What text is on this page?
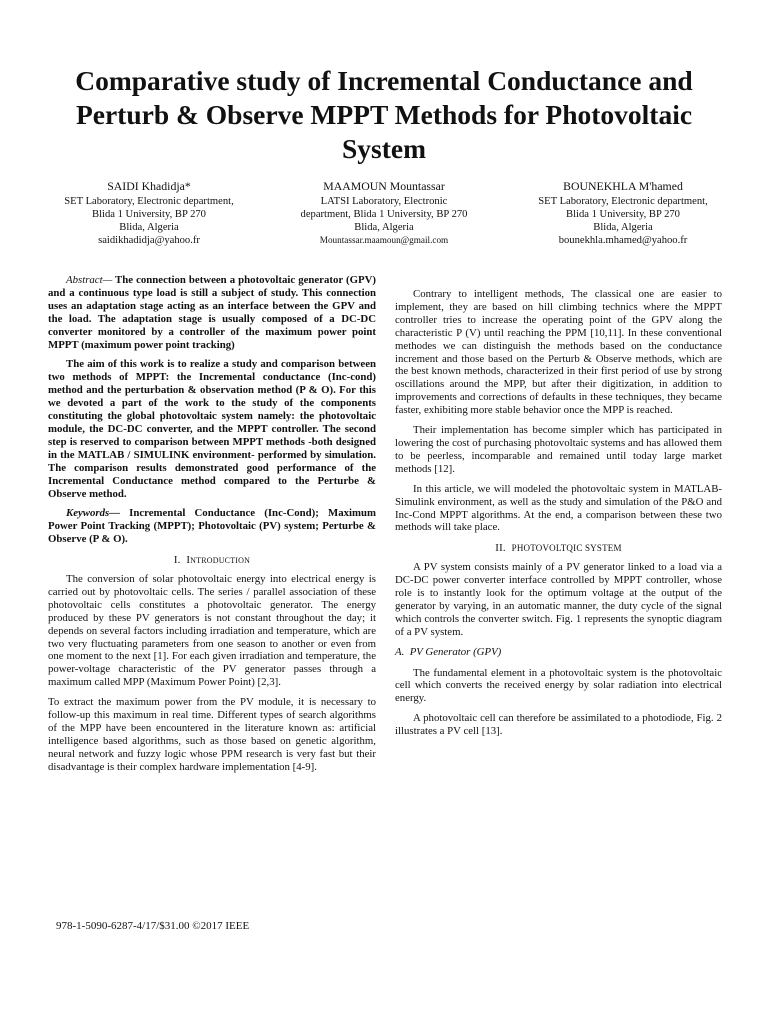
Comparative study of Incremental Conductance and Perturb & Observe MPPT Methods for Photovoltaic System
SAIDI Khadidja*
SET Laboratory, Electronic department,
Blida 1 University, BP 270
Blida, Algeria
saidikhadidja@yahoo.fr
MAAMOUN Mountassar
LATSI Laboratory, Electronic
department, Blida 1 University, BP 270
Blida, Algeria
Mountassar.maamoun@gmail.com
BOUNEKHLA M'hamed
SET Laboratory, Electronic department,
Blida 1 University, BP 270
Blida, Algeria
bounekhla.mhamed@yahoo.fr

Abstract— The connection between a photovoltaic generator (GPV) and a continuous type load is still a subject of study. This connection uses an adaptation stage acting as an interface between the GPV and the load. The adaptation stage is usually composed of a DC-DC converter monitored by a controller of the maximum power point MPPT (maximum power point tracking)

The aim of this work is to realize a study and comparison between two methods of MPPT: the Incremental conductance (Inc-cond) method and the perturbation & observation method (P & O). For this we devoted a part of the work to the study of the components constituting the global photovoltaic system namely: the photovoltaic module, the DC-DC converter, and the MPPT controller. The second step is reserved to comparison between MPPT methods -both designed in the MATLAB / SIMULINK environment- performed by simulation. The comparison results demonstrated good performance of the Incremental Conductance method compared to the Perturbe & Observe method.

Keywords— Incremental Conductance (Inc-Cond); Maximum Power Point Tracking (MPPT); Photovoltaic (PV) system; Perturbe & Observe (P & O).

I. Introduction

The conversion of solar photovoltaic energy into electrical energy is carried out by photovoltaic cells. The series / parallel association of these photovoltaic cells constitutes a photovoltaic generator. The energy produced by these PV generators is not constant throughout the day; it depends on several factors including irradiation and temperature, which are two very fluctuating parameters from one season to another or even from one moment to the next [1]. For each given irradiation and temperature, the power-voltage characteristic of the PV generator passes through a maximum called MPP (Maximum Power Point) [2,3].

To extract the maximum power from the PV module, it is necessary to follow-up this maximum in real time. Different types of search algorithms of the MPP have been encountered in the literature known as: artificial intelligence based algorithms, such as those based on genetic algorithm, neural network and fuzzy logic whose PPM research is very fast but their disadvantage is their complex hardware implementation [4-9].

Contrary to intelligent methods, The classical one are easier to implement, they are based on hill climbing technics where the MPPT controller tries to increase the operating point of the GPV along the characteristic P (V) until reaching the PPM [10,11]. In these conventional methodes we can distinguish the methods based on the conductance increment and those based on the Perturb & Observe methods, which are the best known methods, characterized in their first period of use by strong oscillations around the MPP, but after their digitization, in addition to improvements and corrections of defaults in these techniques, they became faster, exhibiting more stable behavior once the MPP is reached.

Their implementation has become simpler which has participated in lowering the cost of purchasing photovoltaic systems and has allowed them to be peerless, incomparable and remained until today large market methods [12].

In this article, we will modeled the photovoltaic system in MATLAB-Simulink environment, as well as the study and simulation of the P&O and Inc-Cond MPPT algorithms. At the end, a comparison between these two methods will take place.

II. PHOTOVOLTQIC SYSTEM

A PV system consists mainly of a PV generator linked to a load via a DC-DC power converter interface controlled by MPPT controller, whose role is to instantly look for the optimum voltage at the output of the generator by varying, in an automatic manner, the duty cycle of the signal which controls the converter switch. Fig. 1 represents the synoptic diagram of a PV system.

A. PV Generator (GPV)

The fundamental element in a photovoltaic system is the photovoltaic cell which converts the received energy by solar radiation into electrical energy.

A photovoltaic cell can therefore be assimilated to a photodiode, Fig. 2 illustrates a PV cell [13].

978-1-5090-6287-4/17/$31.00 ©2017 IEEE
